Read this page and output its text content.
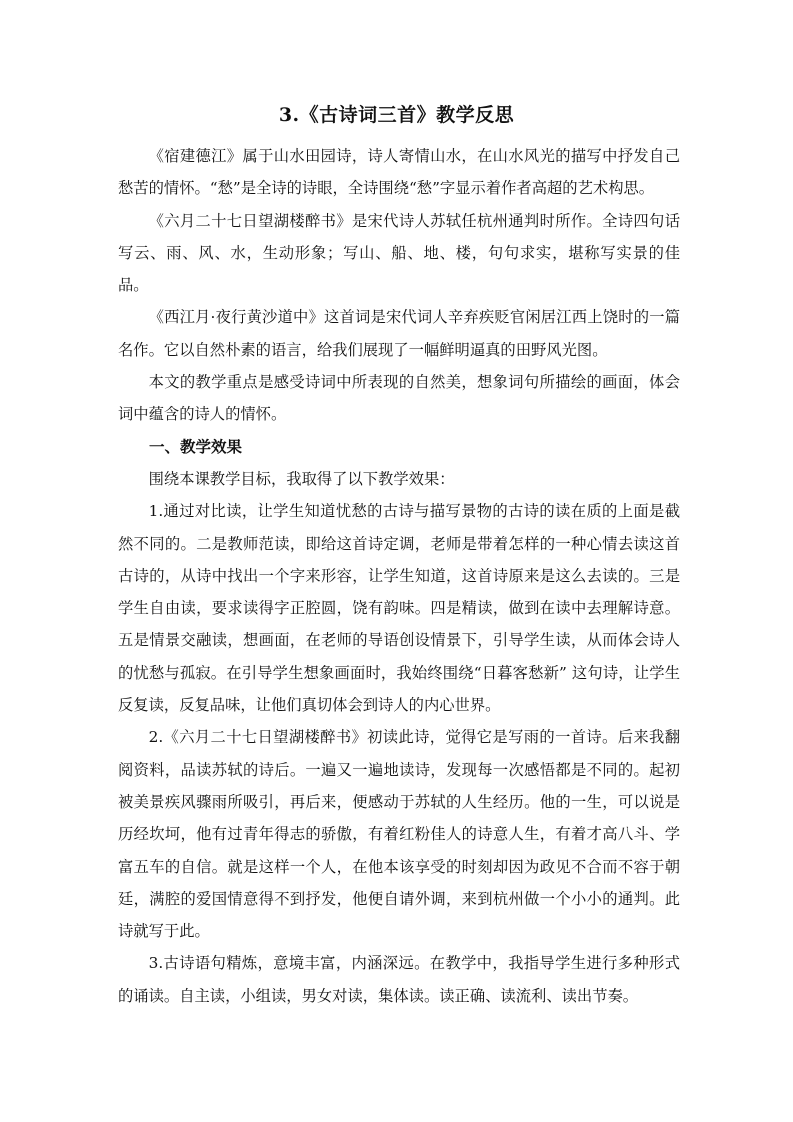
3.《古诗词三首》教学反思

《宿建德江》属于山水田园诗，诗人寄情山水，在山水风光的描写中抒发自己愁苦的情怀。“愁”是全诗的诗眼，全诗围绕“愁”字显示着作者高超的艺术构思。

《六月二十七日望湖楼醉书》是宋代诗人苏轼任杭州通判时所作。全诗四句话写云、雨、风、水，生动形象；写山、船、地、楼，句句求实，堪称写实景的佳品。

《西江月·夜行黄沙道中》这首词是宋代词人辛弃疾贬官闲居江西上饶时的一篇名作。它以自然朴素的语言，给我们展现了一幅鲜明逼真的田野风光图。

本文的教学重点是感受诗词中所表现的自然美，想象词句所描绘的画面，体会词中蕴含的诗人的情怀。

一、教学效果

围绕本课教学目标，我取得了以下教学效果：

1.通过对比读，让学生知道忧愁的古诗与描写景物的古诗的读在质的上面是截然不同的。二是教师范读，即给这首诗定调，老师是带着怎样的一种心情去读这首古诗的，从诗中找出一个字来形容，让学生知道，这首诗原来是这么去读的。三是学生自由读，要求读得字正腔圆，饶有韵味。四是精读，做到在读中去理解诗意。五是情景交融读，想画面，在老师的导语创设情景下，引导学生读，从而体会诗人的忧愁与孤寂。在引导学生想象画面时，我始终围绕“日暮客愁新” 这句诗，让学生反复读，反复品味，让他们真切体会到诗人的内心世界。

2.《六月二十七日望湖楼醉书》初读此诗，觉得它是写雨的一首诗。后来我翻阅资料，品读苏轼的诗后。一遍又一遍地读诗，发现每一次感悟都是不同的。起初被美景疾风骤雨所吸引，再后来，便感动于苏轼的人生经历。他的一生，可以说是历经坎坷，他有过青年得志的骄傲，有着红粉佳人的诗意人生，有着才高八斗、学富五车的自信。就是这样一个人，在他本该享受的时刻却因为政见不合而不容于朝廷，满腔的爱国情意得不到抒发，他便自请外调，来到杭州做一个小小的通判。此诗就写于此。

3.古诗语句精炼，意境丰富，内涵深远。在教学中，我指导学生进行多种形式的诵读。自主读，小组读，男女对读，集体读。读正确、读流利、读出节奏。
